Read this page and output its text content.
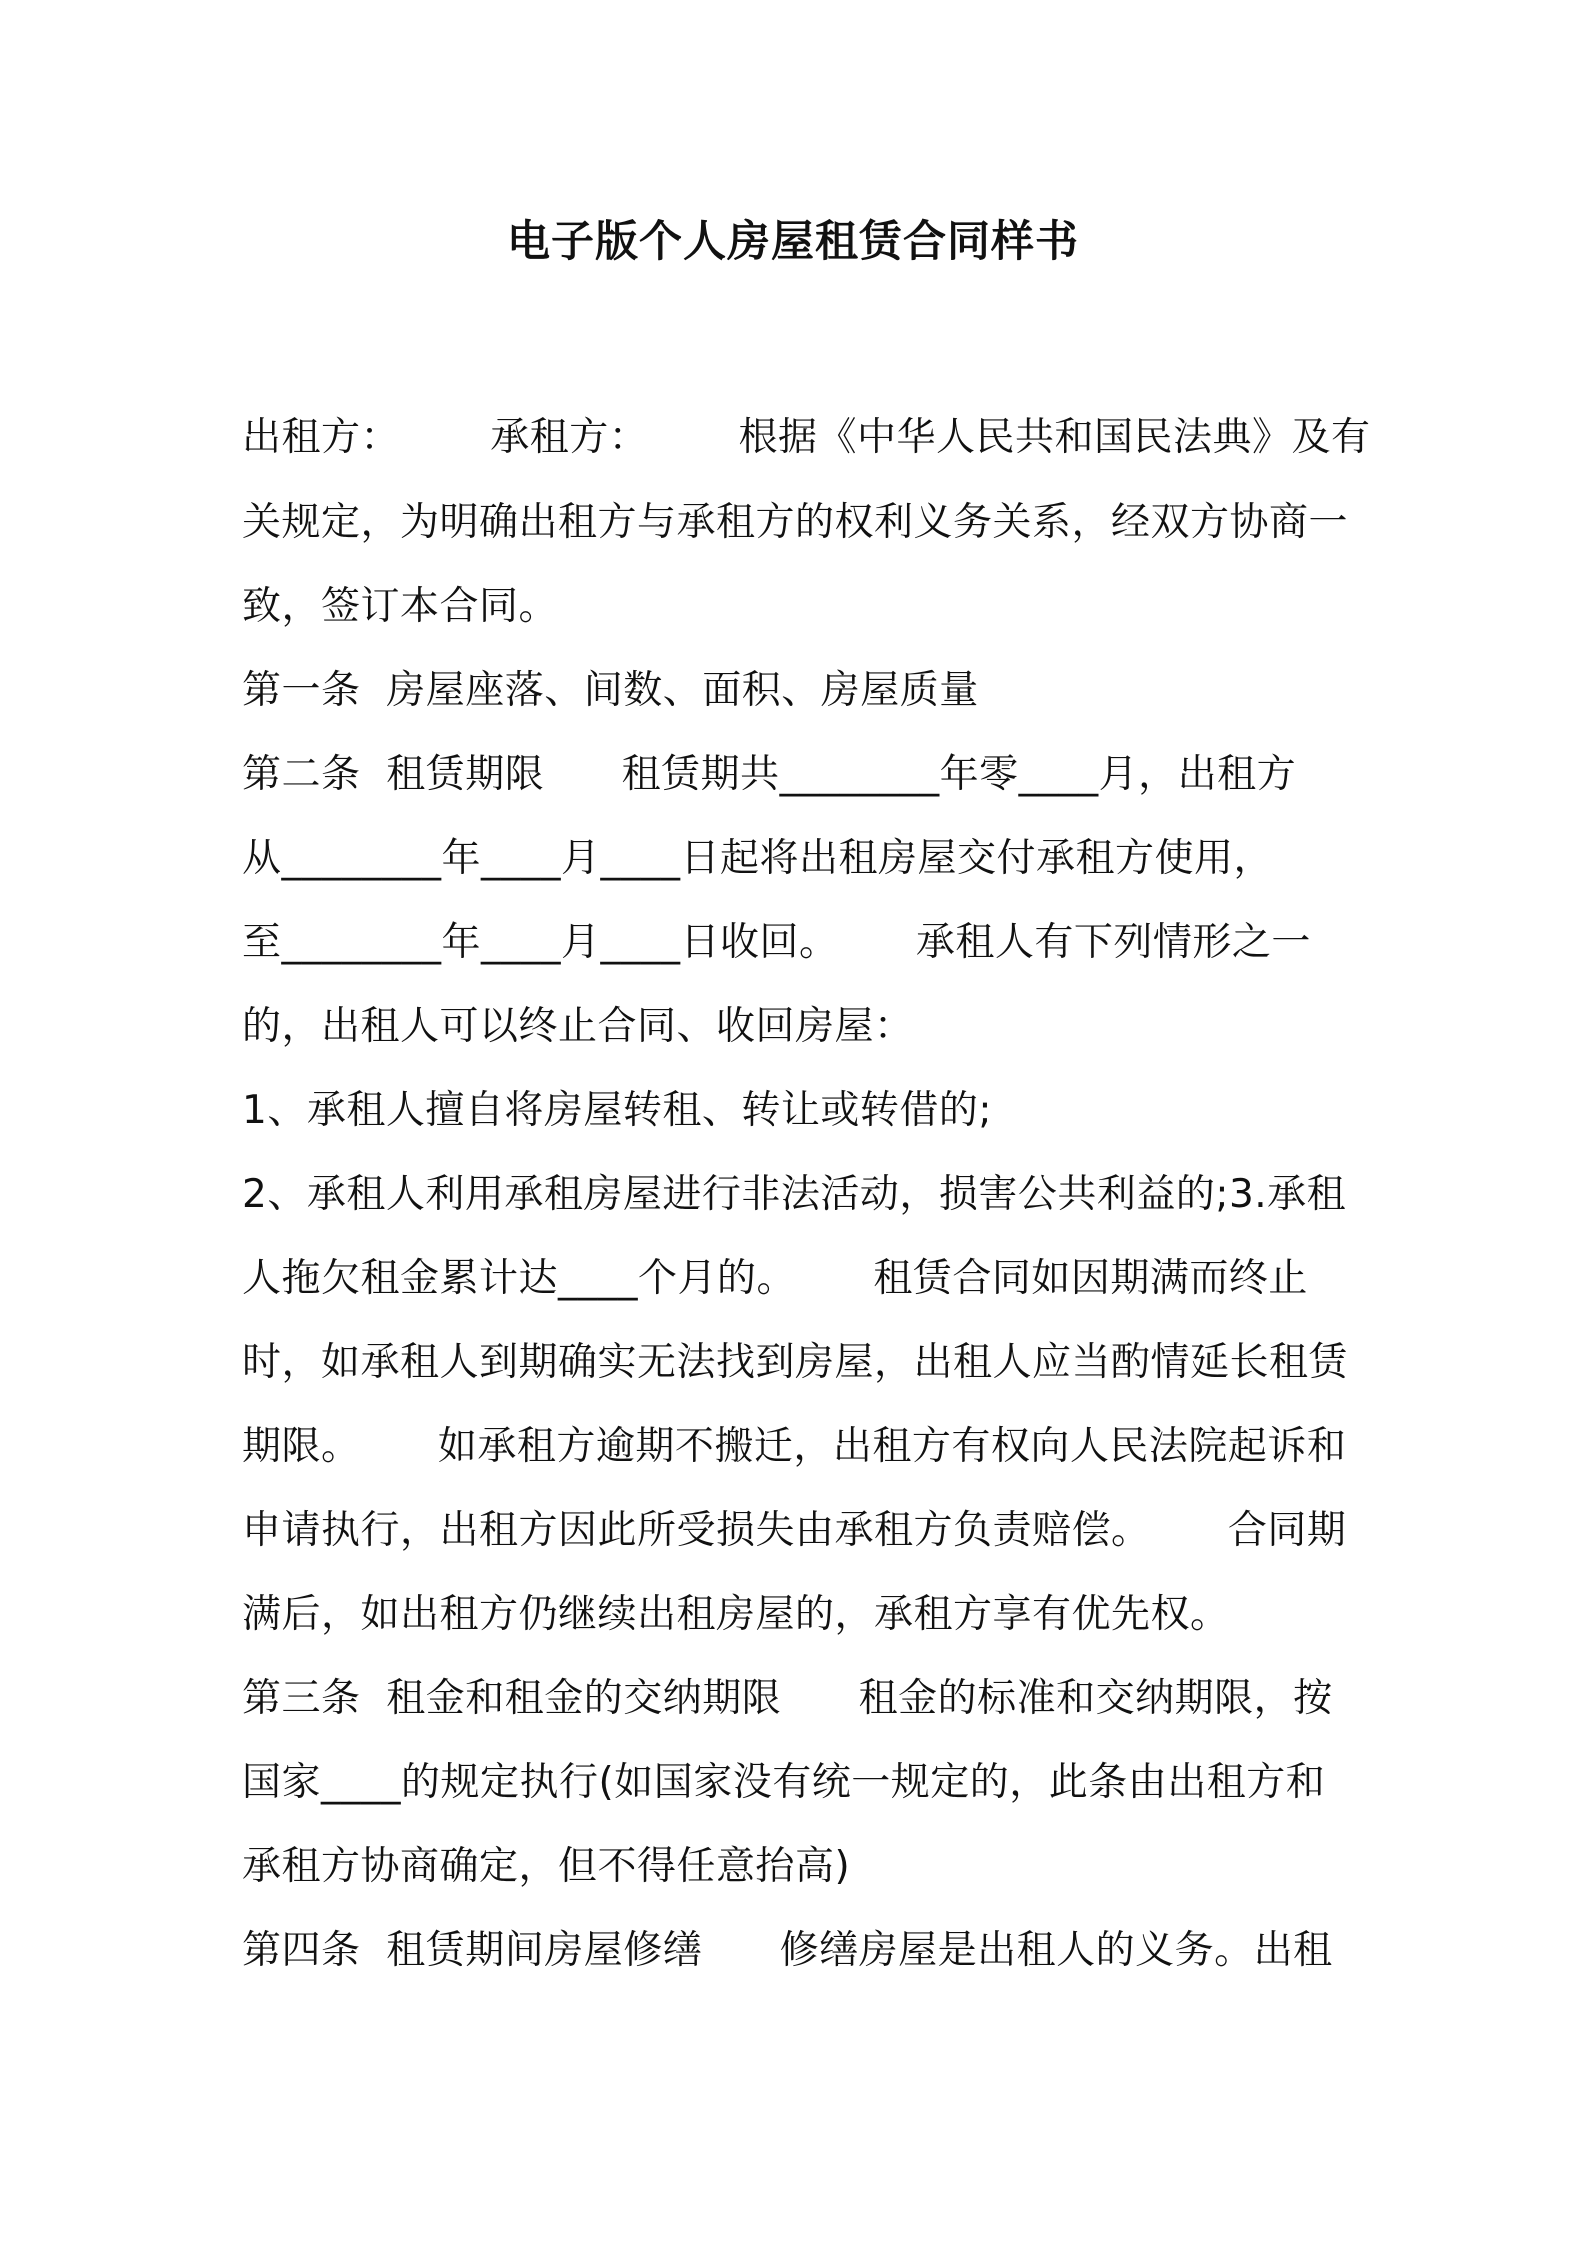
电子版个人房屋租赁合同样书
出租方：       承租方：       根据《中华人民共和国民法典》及有
关规定，为明确出租方与承租方的权利义务关系，经双方协商一
致，签订本合同。
第一条  房屋座落、间数、面积、房屋质量
第二条  租赁期限      租赁期共________年零____月，出租方
从________年____月____日起将出租房屋交付承租方使用，
至________年____月____日收回。      承租人有下列情形之一
的，出租人可以终止合同、收回房屋：
1、承租人擅自将房屋转租、转让或转借的;
2、承租人利用承租房屋进行非法活动，损害公共利益的;3.承租
人拖欠租金累计达____个月的。      租赁合同如因期满而终止
时，如承租人到期确实无法找到房屋，出租人应当酌情延长租赁
期限。      如承租方逾期不搬迁，出租方有权向人民法院起诉和
申请执行，出租方因此所受损失由承租方负责赔偿。      合同期
满后，如出租方仍继续出租房屋的，承租方享有优先权。
第三条  租金和租金的交纳期限      租金的标准和交纳期限，按
国家____的规定执行(如国家没有统一规定的，此条由出租方和
承租方协商确定，但不得任意抬高)
第四条  租赁期间房屋修缮      修缮房屋是出租人的义务。出租
